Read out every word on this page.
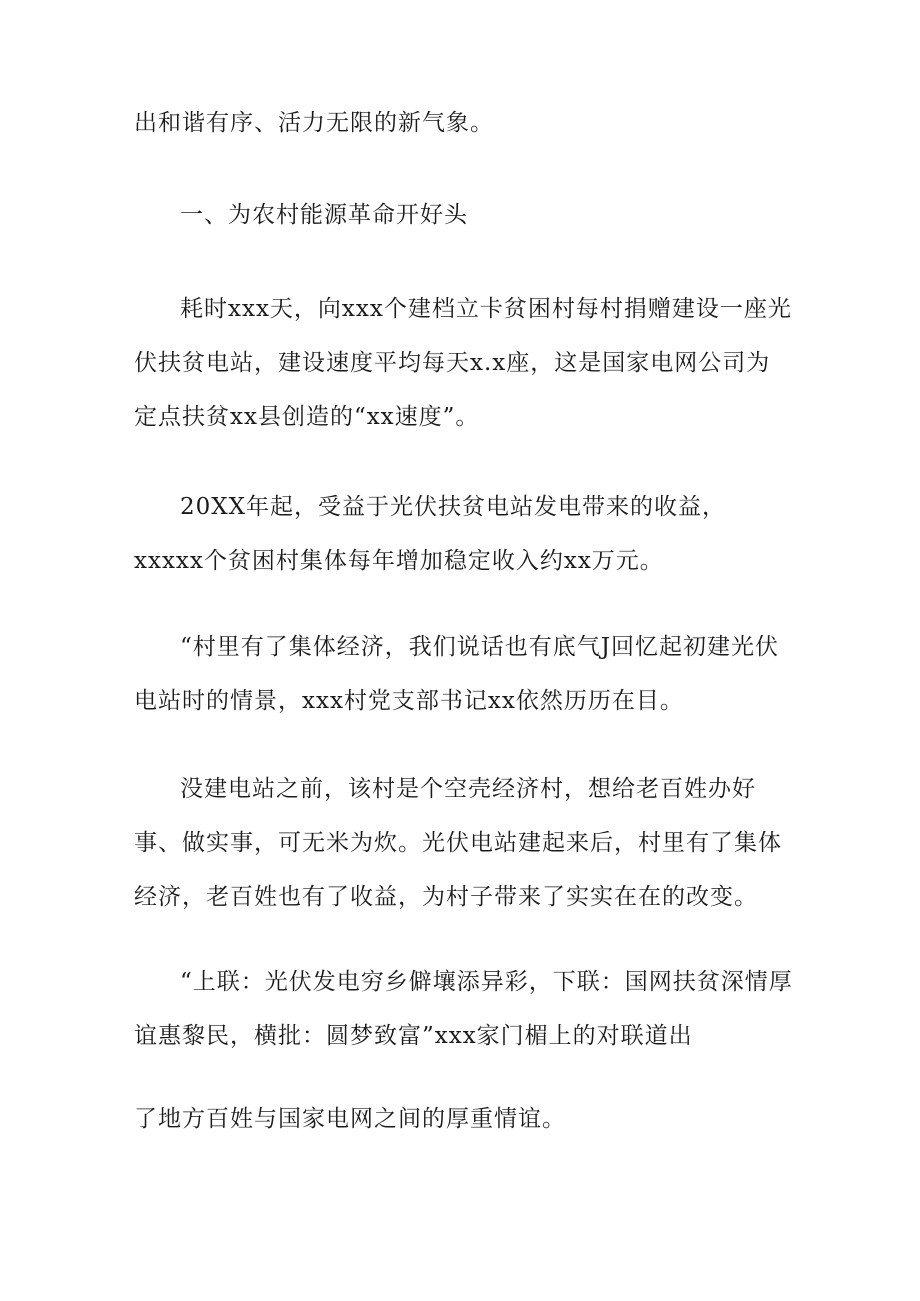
出和谐有序、活力无限的新气象。

一、为农村能源革命开好头

耗时xxx天，向xxx个建档立卡贫困村每村捐赠建设一座光伏扶贫电站，建设速度平均每天x.x座，这是国家电网公司为定点扶贫xx县创造的“xx速度”。

20XX年起，受益于光伏扶贫电站发电带来的收益，xxxxx个贫困村集体每年增加稳定收入约xx万元。

“村里有了集体经济，我们说话也有底气J回忆起初建光伏电站时的情景，xxx村党支部书记xx依然历历在目。

没建电站之前，该村是个空壳经济村，想给老百姓办好事、做实事，可无米为炊。光伏电站建起来后，村里有了集体经济，老百姓也有了收益，为村子带来了实实在在的改变。

“上联：光伏发电穷乡僻壤添异彩，下联：国网扶贫深情厚谊惠黎民，横批：圆梦致富”xxx家门楣上的对联道出

了地方百姓与国家电网之间的厚重情谊。
